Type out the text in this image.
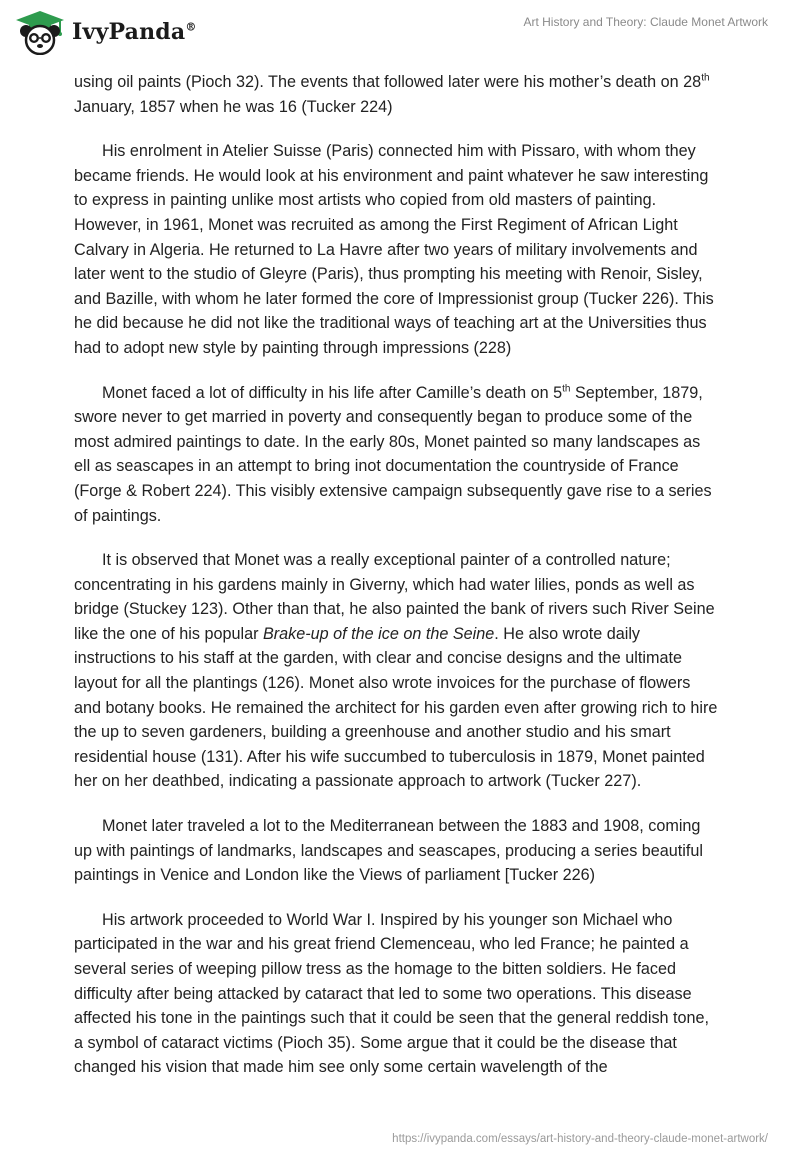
IvyPanda®	Art History and Theory: Claude Monet Artwork

using oil paints (Pioch 32). The events that followed later were his mother’s death on 28th January, 1857 when he was 16 (Tucker 224)

His enrolment in Atelier Suisse (Paris) connected him with Pissaro, with whom they became friends. He would look at his environment and paint whatever he saw interesting to express in painting unlike most artists who copied from old masters of painting. However, in 1961, Monet was recruited as among the First Regiment of African Light Calvary in Algeria. He returned to La Havre after two years of military involvements and later went to the studio of Gleyre (Paris), thus prompting his meeting with Renoir, Sisley, and Bazille, with whom he later formed the core of Impressionist group (Tucker 226). This he did because he did not like the traditional ways of teaching art at the Universities thus had to adopt new style by painting through impressions (228)

Monet faced a lot of difficulty in his life after Camille’s death on 5th September, 1879, swore never to get married in poverty and consequently began to produce some of the most admired paintings to date. In the early 80s, Monet painted so many landscapes as ell as seascapes in an attempt to bring inot documentation the countryside of France (Forge & Robert 224). This visibly extensive campaign subsequently gave rise to a series of paintings.

It is observed that Monet was a really exceptional painter of a controlled nature; concentrating in his gardens mainly in Giverny, which had water lilies, ponds as well as bridge (Stuckey 123). Other than that, he also painted the bank of rivers such River Seine like the one of his popular Brake-up of the ice on the Seine. He also wrote daily instructions to his staff at the garden, with clear and concise designs and the ultimate layout for all the plantings (126). Monet also wrote invoices for the purchase of flowers and botany books. He remained the architect for his garden even after growing rich to hire the up to seven gardeners, building a greenhouse and another studio and his smart residential house (131). After his wife succumbed to tuberculosis in 1879, Monet painted her on her deathbed, indicating a passionate approach to artwork (Tucker 227).

Monet later traveled a lot to the Mediterranean between the 1883 and 1908, coming up with paintings of landmarks, landscapes and seascapes, producing a series beautiful paintings in Venice and London like the Views of parliament [Tucker 226)

His artwork proceeded to World War I. Inspired by his younger son Michael who participated in the war and his great friend Clemenceau, who led France; he painted a several series of weeping pillow tress as the homage to the bitten soldiers. He faced difficulty after being attacked by cataract that led to some two operations. This disease affected his tone in the paintings such that it could be seen that the general reddish tone, a symbol of cataract victims (Pioch 35). Some argue that it could be the disease that changed his vision that made him see only some certain wavelength of the

https://ivypanda.com/essays/art-history-and-theory-claude-monet-artwork/
